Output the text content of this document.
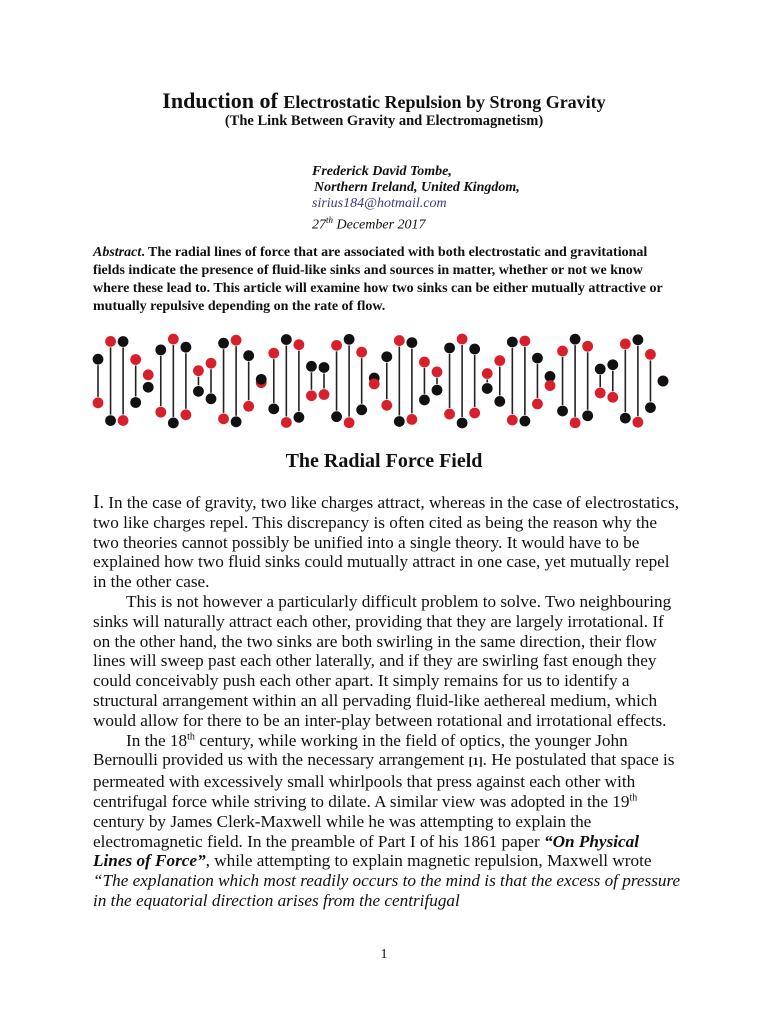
Induction of Electrostatic Repulsion by Strong Gravity
(The Link Between Gravity and Electromagnetism)
Frederick David Tombe,
Northern Ireland, United Kingdom,
sirius184@hotmail.com
27th December 2017
Abstract. The radial lines of force that are associated with both electrostatic and gravitational fields indicate the presence of fluid-like sinks and sources in matter, whether or not we know where these lead to. This article will examine how two sinks can be either mutually attractive or mutually repulsive depending on the rate of flow.
The Radial Force Field

I. In the case of gravity, two like charges attract, whereas in the case of electrostatics, two like charges repel. This discrepancy is often cited as being the reason why the two theories cannot possibly be unified into a single theory. It would have to be explained how two fluid sinks could mutually attract in one case, yet mutually repel in the other case.

This is not however a particularly difficult problem to solve. Two neighbouring sinks will naturally attract each other, providing that they are largely irrotational. If on the other hand, the two sinks are both swirling in the same direction, their flow lines will sweep past each other laterally, and if they are swirling fast enough they could conceivably push each other apart. It simply remains for us to identify a structural arrangement within an all pervading fluid-like aethereal medium, which would allow for there to be an inter-play between rotational and irrotational effects.

In the 18th century, while working in the field of optics, the younger John Bernoulli provided us with the necessary arrangement [1]. He postulated that space is permeated with excessively small whirlpools that press against each other with centrifugal force while striving to dilate. A similar view was adopted in the 19th century by James Clerk-Maxwell while he was attempting to explain the electromagnetic field. In the preamble of Part I of his 1861 paper “On Physical Lines of Force”, while attempting to explain magnetic repulsion, Maxwell wrote “The explanation which most readily occurs to the mind is that the excess of pressure in the equatorial direction arises from the centrifugal

1
